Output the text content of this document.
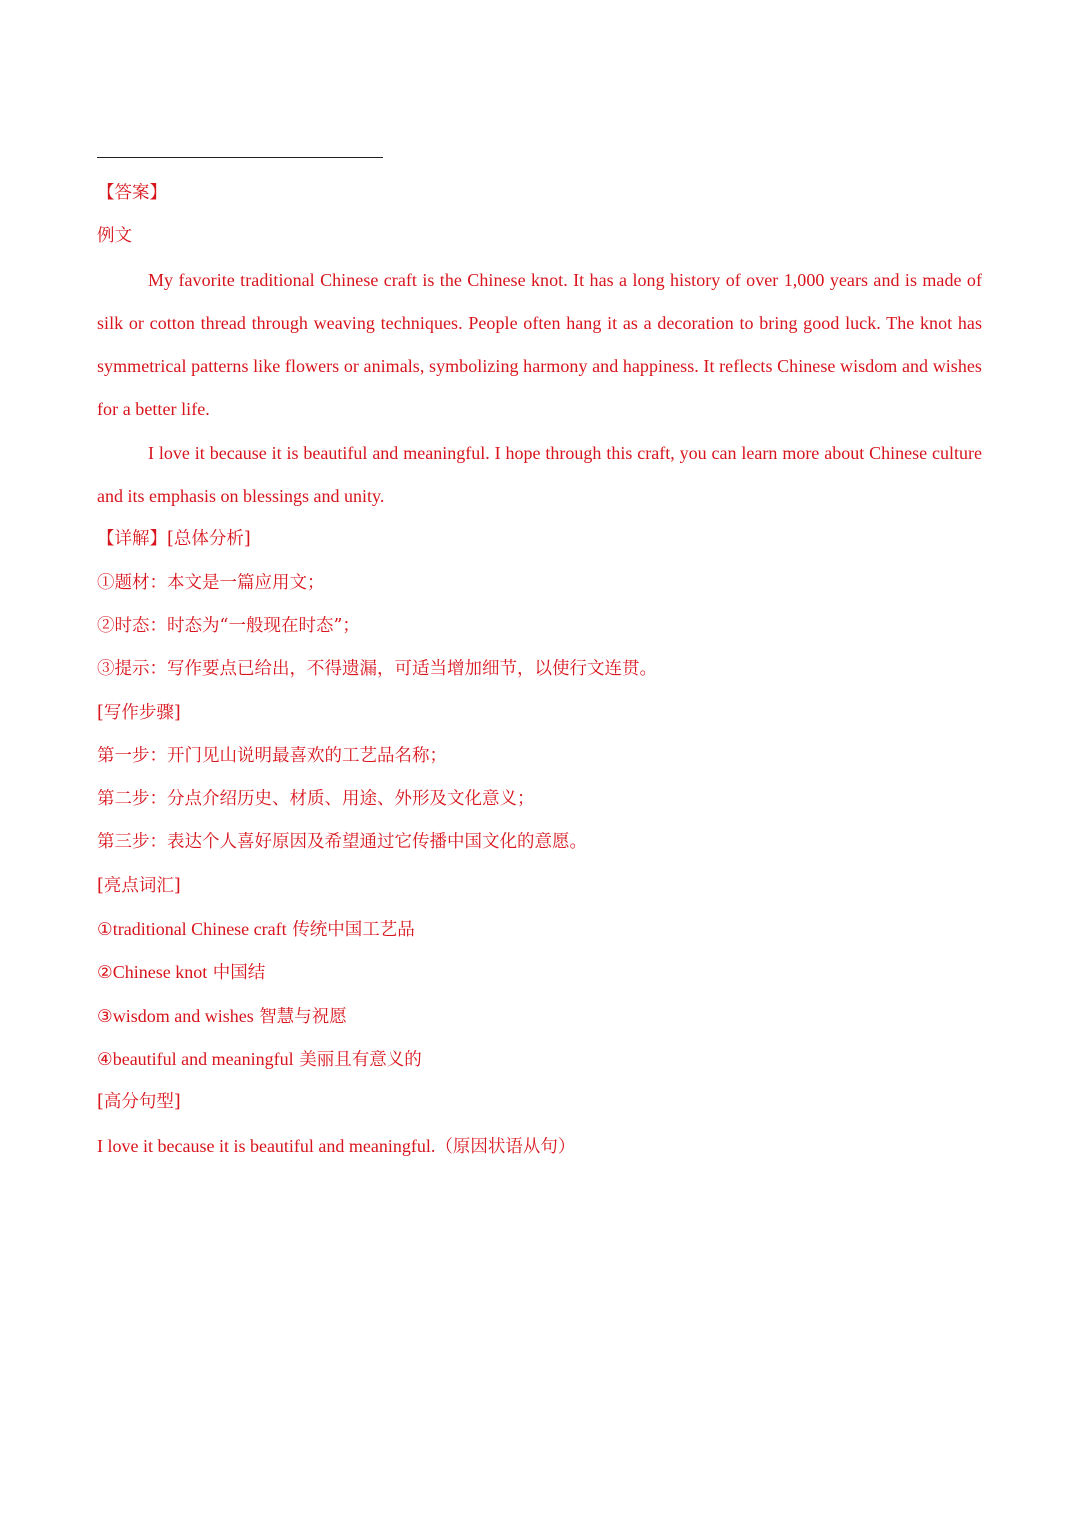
【答案】
例文
My favorite traditional Chinese craft is the Chinese knot. It has a long history of over 1,000 years and is made of silk or cotton thread through weaving techniques. People often hang it as a decoration to bring good luck. The knot has symmetrical patterns like flowers or animals, symbolizing harmony and happiness. It reflects Chinese wisdom and wishes for a better life.
I love it because it is beautiful and meaningful. I hope through this craft, you can learn more about Chinese culture and its emphasis on blessings and unity.
【详解】[总体分析]
①题材：本文是一篇应用文；
②时态：时态为“一般现在时态”；
③提示：写作要点已给出，不得遗漏，可适当增加细节，以使行文连贯。
[写作步骤]
第一步：开门见山说明最喜欢的工艺品名称；
第二步：分点介绍历史、材质、用途、外形及文化意义；
第三步：表达个人喜好原因及希望通过它传播中国文化的意愿。
[亮点词汇]
①traditional Chinese craft 传统中国工艺品
②Chinese knot 中国结
③wisdom and wishes 智慧与祝愿
④beautiful and meaningful 美丽且有意义的
[高分句型]
I love it because it is beautiful and meaningful.（原因状语从句）
